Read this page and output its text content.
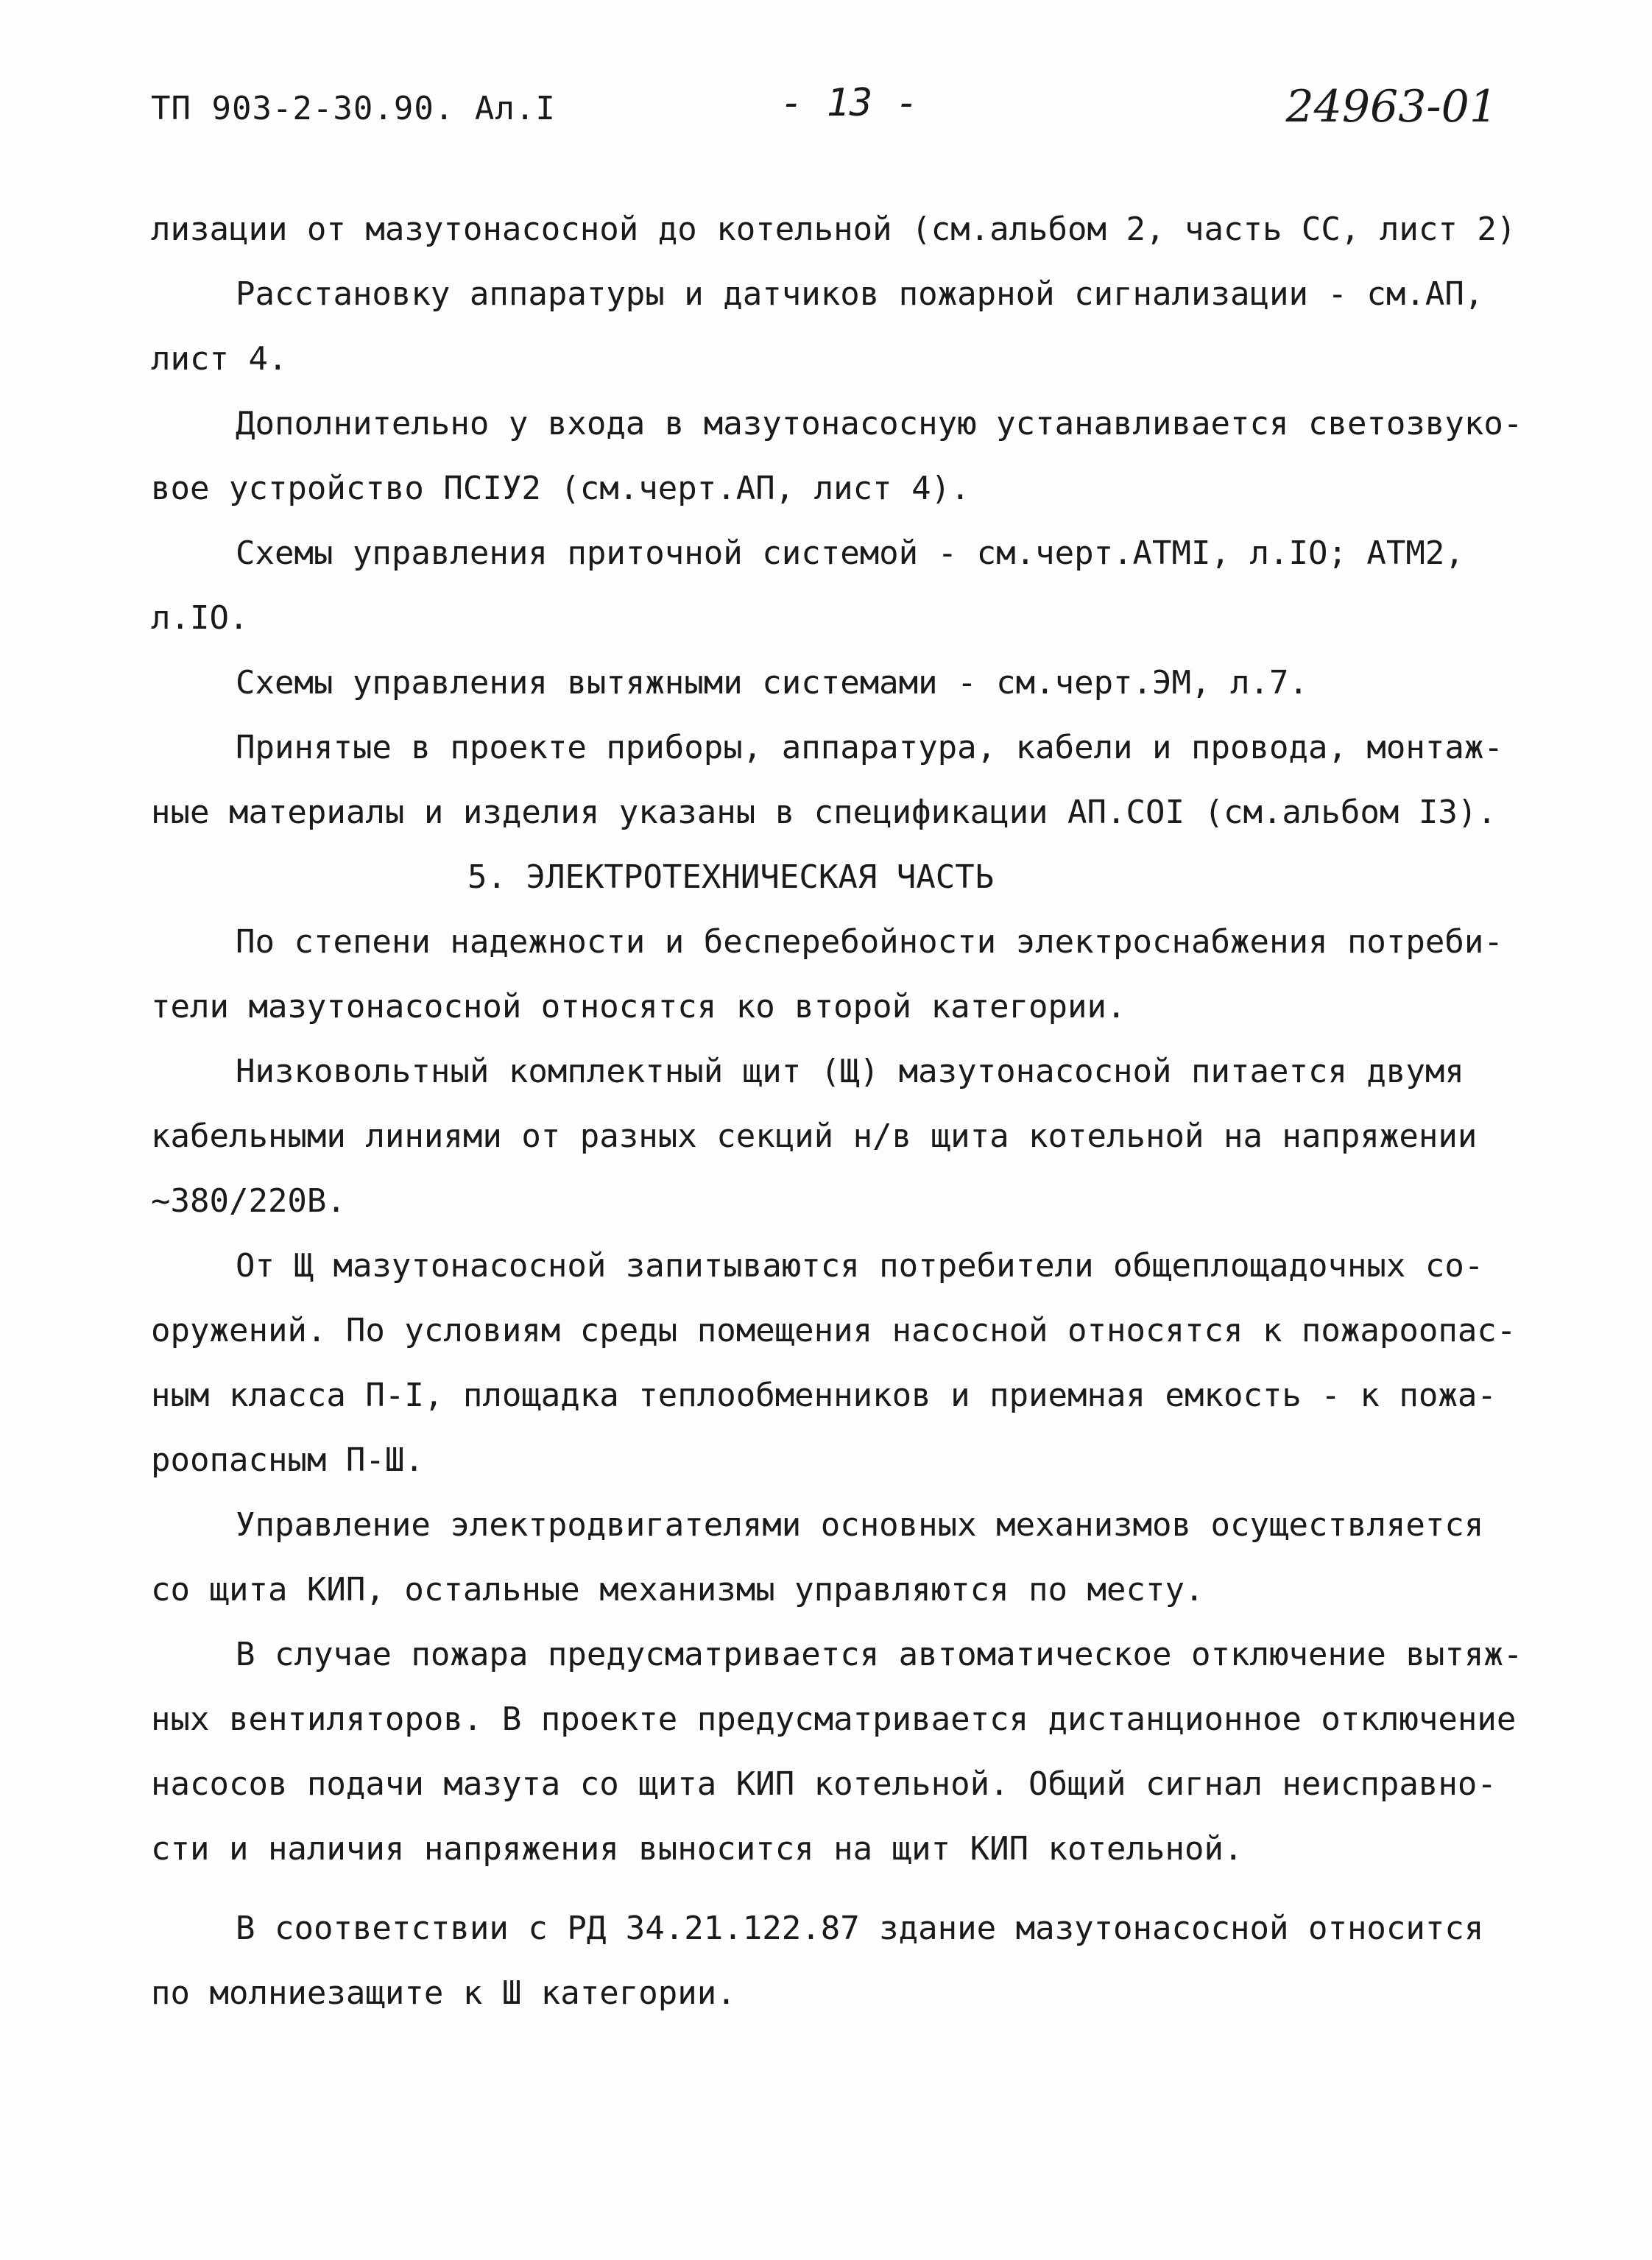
ТП 903-2-30.90. Ал.I	- 13 -	24963-01
лизации от мазутонасосной до котельной (см.альбом 2, часть СС, лист 2)
Расстановку аппаратуры и датчиков пожарной сигнализации - см.АП,
лист 4.
Дополнительно у входа в мазутонасосную устанавливается светозвуко-
вое устройство ПСIУ2 (см.черт.АП, лист 4).
Схемы управления приточной системой - см.черт.АТМI, л.IО; АТМ2,
л.IО.
Схемы управления вытяжными системами - см.черт.ЭМ, л.7.
Принятые в проекте приборы, аппаратура, кабели и провода, монтаж-
ные материалы и изделия указаны в спецификации АП.СОI (см.альбом IЗ).
5. ЭЛЕКТРОТЕХНИЧЕСКАЯ ЧАСТЬ
По степени надежности и бесперебойности электроснабжения потреби-
тели мазутонасосной относятся ко второй категории.
Низковольтный комплектный щит (Щ) мазутонасосной питается двумя
кабельными линиями от разных секций н/в щита котельной на напряжении
~380/220В.
От Щ мазутонасосной запитываются потребители общеплощадочных со-
оружений. По условиям среды помещения насосной относятся к пожароопас-
ным класса П-I, площадка теплообменников и приемная емкость - к пожа-
роопасным П-Ш.
Управление электродвигателями основных механизмов осуществляется
со щита КИП, остальные механизмы управляются по месту.
В случае пожара предусматривается автоматическое отключение вытяж-
ных вентиляторов. В проекте предусматривается дистанционное отключение
насосов подачи мазута со щита КИП котельной. Общий сигнал неисправно-
сти и наличия напряжения выносится на щит КИП котельной.
В соответствии с РД 34.21.122.87 здание мазутонасосной относится
по молниезащите к Ш категории.
